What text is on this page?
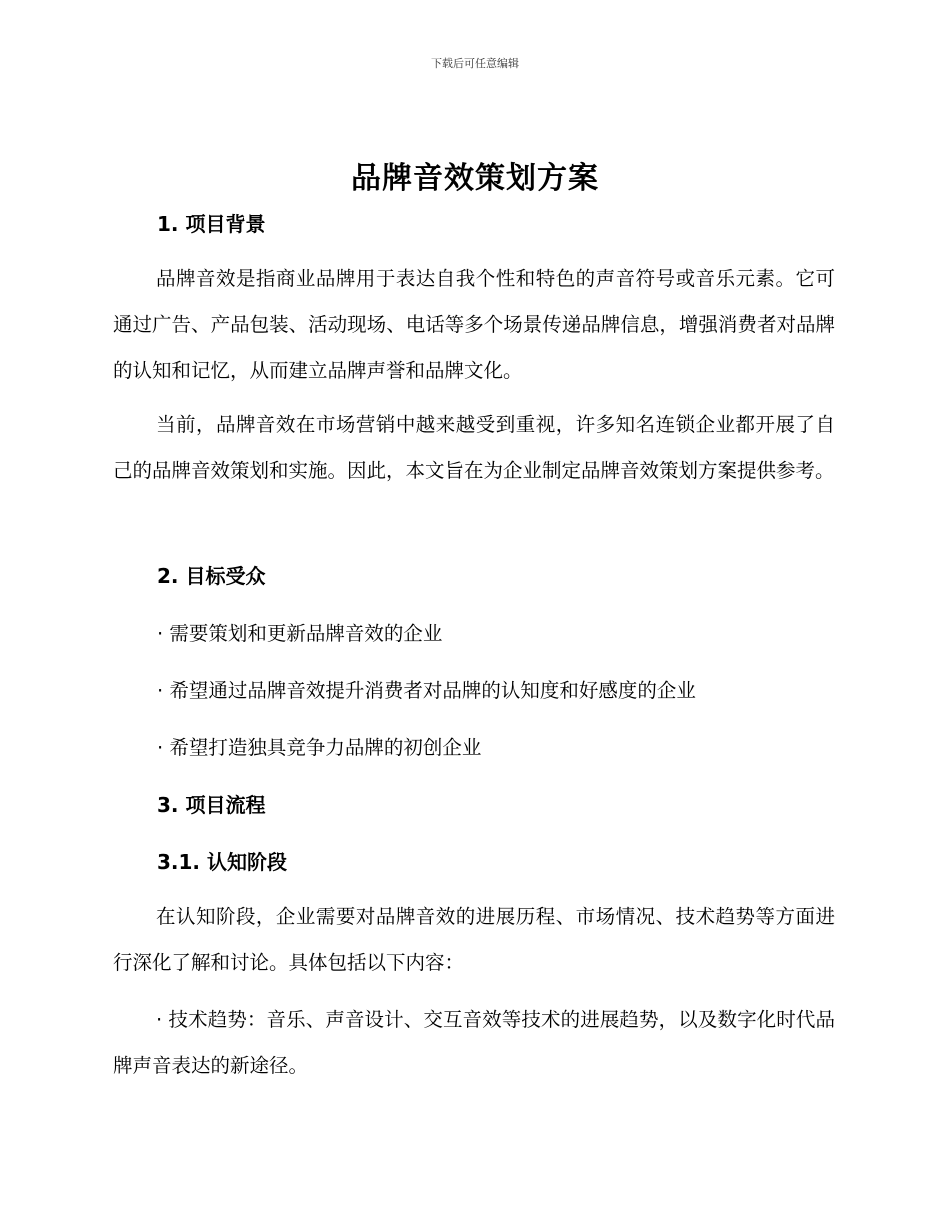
下载后可任意编辑
品牌音效策划方案
1. 项目背景

品牌音效是指商业品牌用于表达自我个性和特色的声音符号或音乐元素。它可通过广告、产品包装、活动现场、电话等多个场景传递品牌信息，增强消费者对品牌的认知和记忆，从而建立品牌声誉和品牌文化。

当前，品牌音效在市场营销中越来越受到重视，许多知名连锁企业都开展了自己的品牌音效策划和实施。因此，本文旨在为企业制定品牌音效策划方案提供参考。

2. 目标受众
· 需要策划和更新品牌音效的企业
· 希望通过品牌音效提升消费者对品牌的认知度和好感度的企业
· 希望打造独具竞争力品牌的初创企业
3. 项目流程
3.1. 认知阶段

在认知阶段，企业需要对品牌音效的进展历程、市场情况、技术趋势等方面进行深化了解和讨论。具体包括以下内容：

· 技术趋势：音乐、声音设计、交互音效等技术的进展趋势，以及数字化时代品牌声音表达的新途径。
